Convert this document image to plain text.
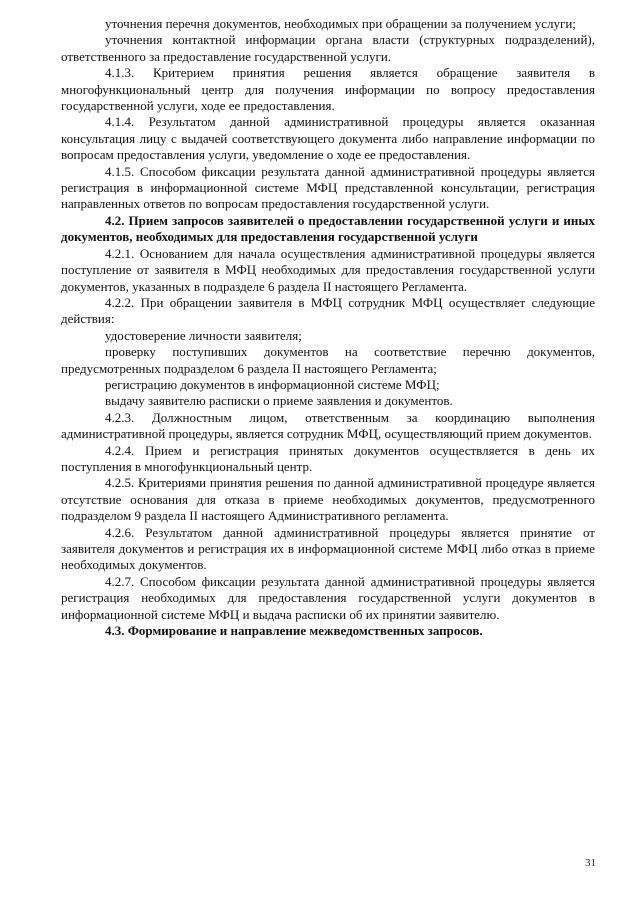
уточнения перечня документов, необходимых при обращении за получением услуги;

уточнения контактной информации органа власти (структурных подразделений), ответственного за предоставление государственной услуги.

4.1.3. Критерием принятия решения является обращение заявителя в многофункциональный центр для получения информации по вопросу предоставления государственной услуги, ходе ее предоставления.

4.1.4. Результатом данной административной процедуры является оказанная консультация лицу с выдачей соответствующего документа либо направление информации по вопросам предоставления услуги, уведомление о ходе ее предоставления.

4.1.5. Способом фиксации результата данной административной процедуры является регистрация в информационной системе МФЦ представленной консультации, регистрация направленных ответов по вопросам предоставления государственной услуги.

4.2. Прием запросов заявителей о предоставлении государственной услуги и иных документов, необходимых для предоставления государственной услуги

4.2.1. Основанием для начала осуществления административной процедуры является поступление от заявителя в МФЦ необходимых для предоставления государственной услуги документов, указанных в подразделе 6 раздела II настоящего Регламента.

4.2.2. При обращении заявителя в МФЦ сотрудник МФЦ осуществляет следующие действия:

удостоверение личности заявителя;

проверку поступивших документов на соответствие перечню документов, предусмотренных подразделом 6 раздела II настоящего Регламента;

регистрацию документов в информационной системе МФЦ;

выдачу заявителю расписки о приеме заявления и документов.

4.2.3. Должностным лицом, ответственным за координацию выполнения административной процедуры, является сотрудник МФЦ, осуществляющий прием документов.

4.2.4. Прием и регистрация принятых документов осуществляется в день их поступления в многофункциональный центр.

4.2.5. Критериями принятия решения по данной административной процедуре является отсутствие основания для отказа в приеме необходимых документов, предусмотренного подразделом 9 раздела II настоящего Административного регламента.

4.2.6. Результатом данной административной процедуры является принятие от заявителя документов и регистрация их в информационной системе МФЦ либо отказ в приеме необходимых документов.

4.2.7. Способом фиксации результата данной административной процедуры является регистрация необходимых для предоставления государственной услуги документов в информационной системе МФЦ и выдача расписки об их принятии заявителю.

4.3. Формирование и направление межведомственных запросов.

31
